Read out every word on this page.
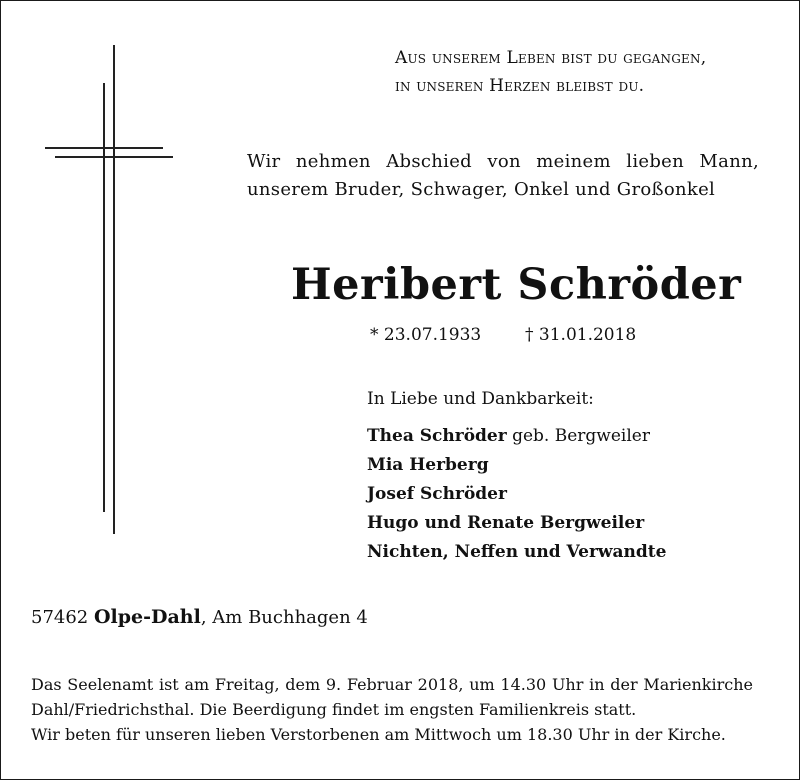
Aus unserem Leben bist du gegangen,
in unseren Herzen bleibst du.
Wir nehmen Abschied von meinem lieben Mann,
unserem Bruder, Schwager, Onkel und Großonkel
Heribert Schröder
* 23.07.1933	† 31.01.2018
In Liebe und Dankbarkeit:
Thea Schröder geb. Bergweiler
Mia Herberg
Josef Schröder
Hugo und Renate Bergweiler
Nichten, Neffen und Verwandte
57462 Olpe-Dahl, Am Buchhagen 4
Das Seelenamt ist am Freitag, dem 9. Februar 2018, um 14.30 Uhr in der Marienkirche
Dahl/Friedrichsthal. Die Beerdigung findet im engsten Familienkreis statt.
Wir beten für unseren lieben Verstorbenen am Mittwoch um 18.30 Uhr in der Kirche.
